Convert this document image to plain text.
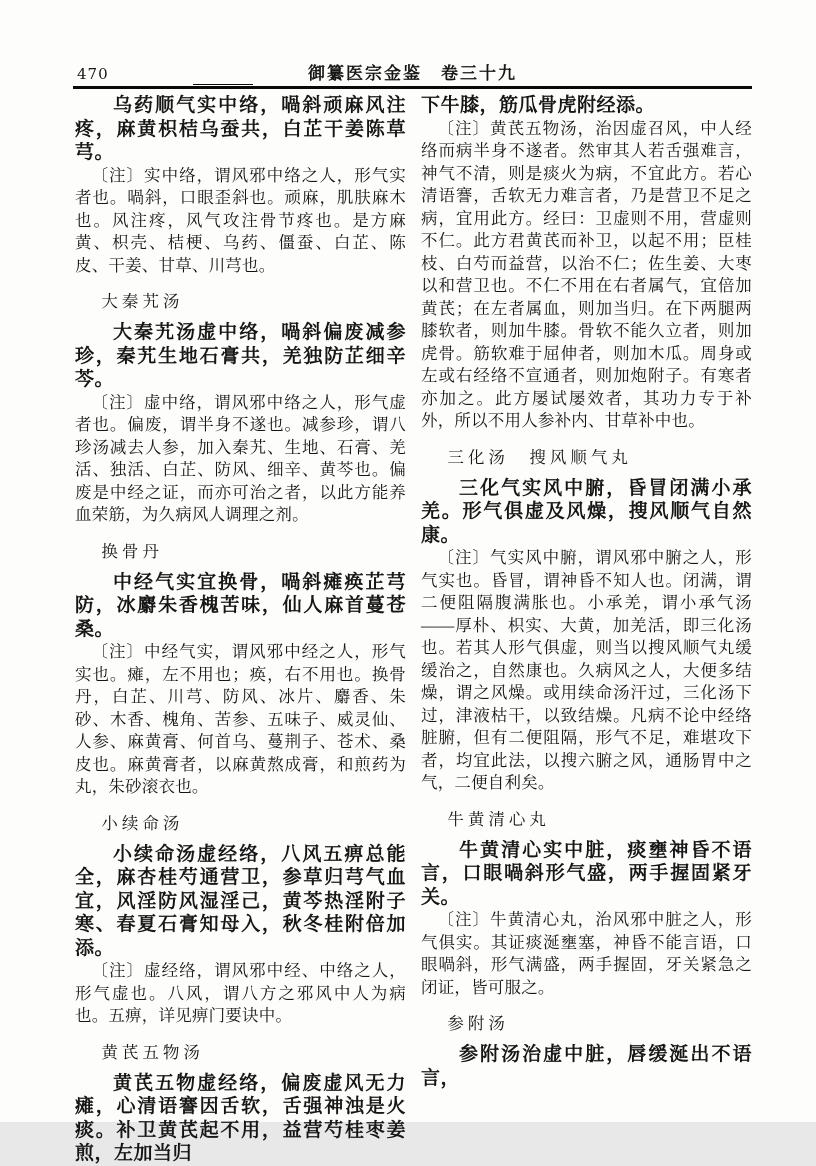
470	御纂医宗金鉴　卷三十九

乌药顺气实中络，喎斜顽麻风注疼，麻黄枳桔乌蚕共，白芷干姜陈草芎。

〔注〕实中络，谓风邪中络之人，形气实者也。喎斜，口眼歪斜也。顽麻，肌肤麻木也。风注疼，风气攻注骨节疼也。是方麻黄、枳壳、桔梗、乌药、僵蚕、白芷、陈皮、干姜、甘草、川芎也。

大秦艽汤

大秦艽汤虚中络，喎斜偏废减参珍，秦艽生地石膏共，羌独防芷细辛芩。

〔注〕虚中络，谓风邪中络之人，形气虚者也。偏废，谓半身不遂也。减参珍，谓八珍汤减去人参，加入秦艽、生地、石膏、羌活、独活、白芷、防风、细辛、黄芩也。偏废是中经之证，而亦可治之者，以此方能养血荣筋，为久病风人调理之剂。

换骨丹

中经气实宜换骨，喎斜瘫痪芷芎防，冰麝朱香槐苦味，仙人麻首蔓苍桑。

〔注〕中经气实，谓风邪中经之人，形气实也。瘫，左不用也；痪，右不用也。换骨丹，白芷、川芎、防风、冰片、麝香、朱砂、木香、槐角、苦参、五味子、威灵仙、人参、麻黄膏、何首乌、蔓荆子、苍术、桑皮也。麻黄膏者，以麻黄熬成膏，和煎药为丸，朱砂滚衣也。

小续命汤

小续命汤虚经络，八风五痹总能全，麻杏桂芍通营卫，参草归芎气血宜，风淫防风湿淫己，黄芩热淫附子寒、春夏石膏知母入，秋冬桂附倍加添。

〔注〕虚经络，谓风邪中经、中络之人，形气虚也。八风，谓八方之邪风中人为病也。五痹，详见痹门要诀中。

黄芪五物汤

黄芪五物虚经络，偏废虚风无力瘫，心清语謇因舌软，舌强神浊是火痰。补卫黄芪起不用，益营芍桂枣姜煎，左加当归

下牛膝，筋瓜骨虎附经添。

〔注〕黄芪五物汤，治因虚召风，中人经络而病半身不遂者。然审其人若舌强难言，神气不清，则是痰火为病，不宜此方。若心清语謇，舌软无力难言者，乃是营卫不足之病，宜用此方。经曰：卫虚则不用，营虚则不仁。此方君黄芪而补卫，以起不用；臣桂枝、白芍而益营，以治不仁；佐生姜、大枣以和营卫也。不仁不用在右者属气，宜倍加黄芪；在左者属血，则加当归。在下两腿两膝软者，则加牛膝。骨软不能久立者，则加虎骨。筋软难于屈伸者，则加木瓜。周身或左或右经络不宣通者，则加炮附子。有寒者亦加之。此方屡试屡效者，其功力专于补外，所以不用人参补内、甘草补中也。

三化汤　搜风顺气丸

三化气实风中腑，昏冒闭满小承羌。形气俱虚及风燥，搜风顺气自然康。

〔注〕气实风中腑，谓风邪中腑之人，形气实也。昏冒，谓神昏不知人也。闭满，谓二便阻隔腹满胀也。小承羌，谓小承气汤——厚朴、枳实、大黄，加羌活，即三化汤也。若其人形气俱虚，则当以搜风顺气丸缓缓治之，自然康也。久病风之人，大便多结燥，谓之风燥。或用续命汤汗过，三化汤下过，津液枯干，以致结燥。凡病不论中经络脏腑，但有二便阻隔，形气不足，难堪攻下者，均宜此法，以搜六腑之风，通肠胃中之气，二便自利矣。

牛黄清心丸

牛黄清心实中脏，痰壅神昏不语言，口眼喎斜形气盛，两手握固紧牙关。

〔注〕牛黄清心丸，治风邪中脏之人，形气俱实。其证痰涎壅塞，神昏不能言语，口眼喎斜，形气满盛，两手握固，牙关紧急之闭证，皆可服之。

参附汤

参附汤治虚中脏，唇缓涎出不语言，
